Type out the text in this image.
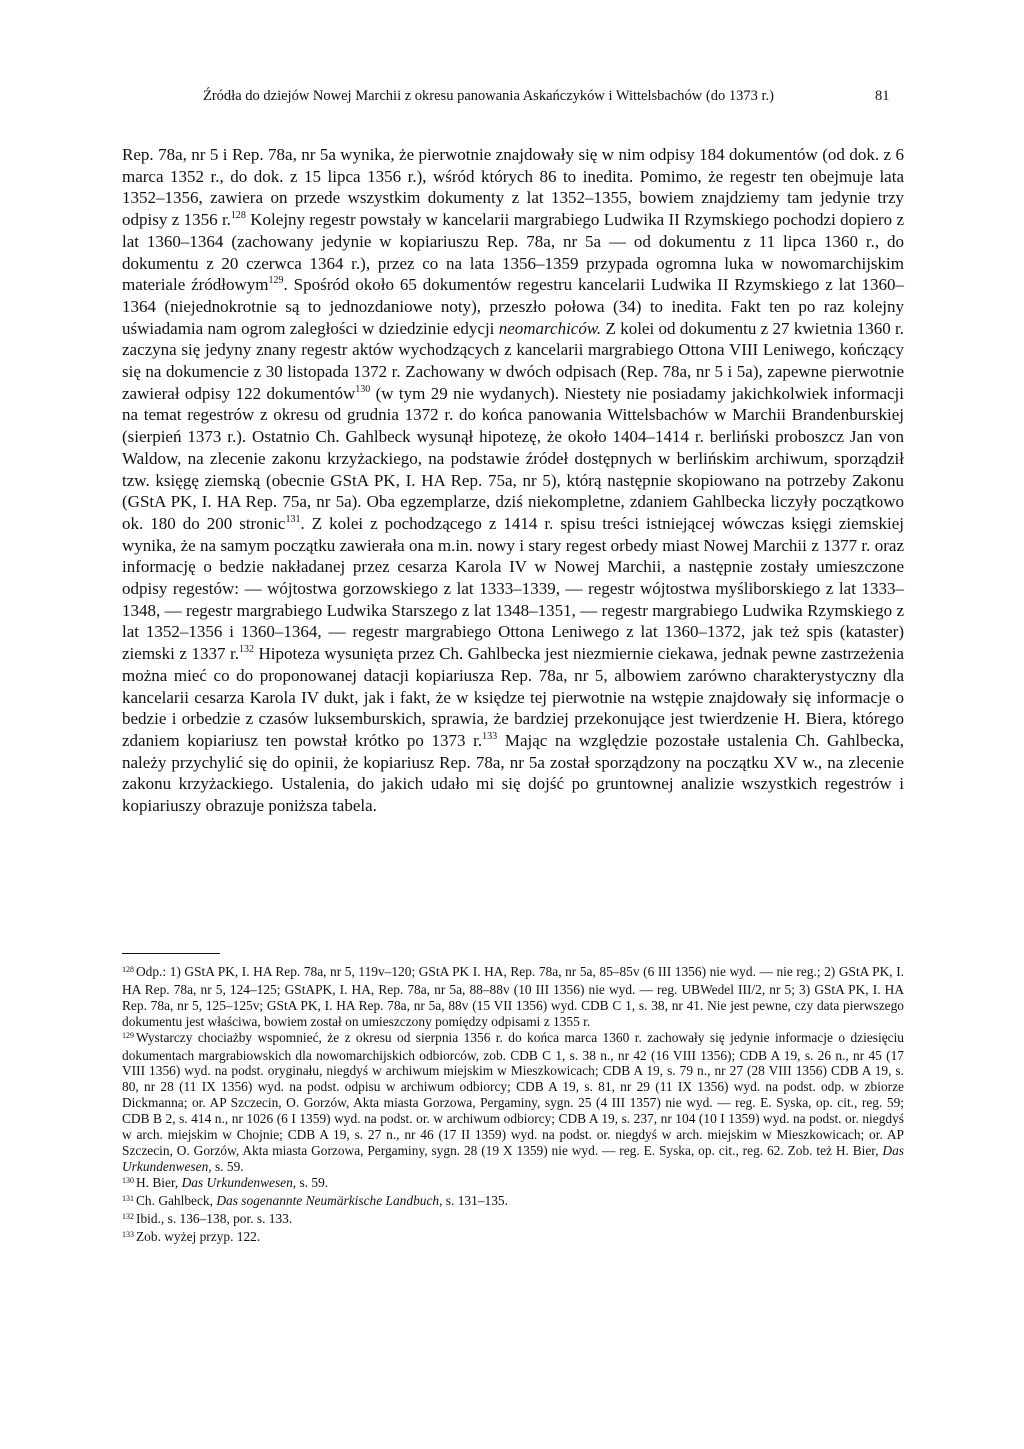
Źródła do dziejów Nowej Marchii z okresu panowania Askańczyków i Wittelsbachów (do 1373 r.)	81

Rep. 78a, nr 5 i Rep. 78a, nr 5a wynika, że pierwotnie znajdowały się w nim odpisy 184 dokumentów (od dok. z 6 marca 1352 r., do dok. z 15 lipca 1356 r.), wśród których 86 to inedita. Pomimo, że regestr ten obejmuje lata 1352–1356, zawiera on przede wszystkim dokumenty z lat 1352–1355, bowiem znajdziemy tam jedynie trzy odpisy z 1356 r.$^{128}$ Kolejny regestr powstały w kancelarii margrabiego Ludwika II Rzymskiego pochodzi dopiero z lat 1360–1364 (zachowany jedynie w kopiariuszu Rep. 78a, nr 5a — od dokumentu z 11 lipca 1360 r., do dokumentu z 20 czerwca 1364 r.), przez co na lata 1356–1359 przypada ogromna luka w nowomarchijskim materiale źródłowym$^{129}$. Spośród około 65 dokumentów regestru kancelarii Ludwika II Rzymskiego z lat 1360–1364 (niejednokrotnie są to jednozdaniowe noty), przeszło połowa (34) to inedita. Fakt ten po raz kolejny uświadamia nam ogrom zaległości w dziedzinie edycji neomarchiców. Z kolei od dokumentu z 27 kwietnia 1360 r. zaczyna się jedyny znany regestr aktów wychodzących z kancelarii margrabiego Ottona VIII Leniwego, kończący się na dokumencie z 30 listopada 1372 r. Zachowany w dwóch odpisach (Rep. 78a, nr 5 i 5a), zapewne pierwotnie zawierał odpisy 122 dokumentów$^{130}$ (w tym 29 nie wydanych). Niestety nie posiadamy jakichkolwiek informacji na temat regestrów z okresu od grudnia 1372 r. do końca panowania Wittelsbachów w Marchii Brandenburskiej (sierpień 1373 r.). Ostatnio Ch. Gahlbeck wysunął hipotezę, że około 1404–1414 r. berliński proboszcz Jan von Waldow, na zlecenie zakonu krzyżackiego, na podstawie źródeł dostępnych w berlińskim archiwum, sporządził tzw. księgę ziemską (obecnie GStA PK, I. HA Rep. 75a, nr 5), którą następnie skopiowano na potrzeby Zakonu (GStA PK, I. HA Rep. 75a, nr 5a). Oba egzemplarze, dziś niekompletne, zdaniem Gahlbecka liczyły początkowo ok. 180 do 200 stronic$^{131}$. Z kolei z pochodzącego z 1414 r. spisu treści istniejącej wówczas księgi ziemskiej wynika, że na samym początku zawierała ona m.in. nowy i stary regest orbedy miast Nowej Marchii z 1377 r. oraz informację o bedzie nakładanej przez cesarza Karola IV w Nowej Marchii, a następnie zostały umieszczone odpisy regestów: — wójtostwa gorzowskiego z lat 1333–1339, — regestr wójtostwa myśliborskiego z lat 1333–1348, — regestr margrabiego Ludwika Starszego z lat 1348–1351, — regestr margrabiego Ludwika Rzymskiego z lat 1352–1356 i 1360–1364, — regestr margrabiego Ottona Leniwego z lat 1360–1372, jak też spis (kataster) ziemski z 1337 r.$^{132}$ Hipoteza wysunięta przez Ch. Gahlbecka jest niezmiernie ciekawa, jednak pewne zastrzeżenia można mieć co do proponowanej datacji kopiariusza Rep. 78a, nr 5, albowiem zarówno charakterystyczny dla kancelarii cesarza Karola IV dukt, jak i fakt, że w księdze tej pierwotnie na wstępie znajdowały się informacje o bedzie i orbedzie z czasów luksemburskich, sprawia, że bardziej przekonujące jest twierdzenie H. Biera, którego zdaniem kopiariusz ten powstał krótko po 1373 r.$^{133}$ Mając na względzie pozostałe ustalenia Ch. Gahlbecka, należy przychylić się do opinii, że kopiariusz Rep. 78a, nr 5a został sporządzony na początku XV w., na zlecenie zakonu krzyżackiego. Ustalenia, do jakich udało mi się dojść po gruntownej analizie wszystkich regestrów i kopiariuszy obrazuje poniższa tabela.

$^{128}$ Odp.: 1) GStA PK, I. HA Rep. 78a, nr 5, 119v–120; GStA PK I. HA, Rep. 78a, nr 5a, 85–85v (6 III 1356) nie wyd. — nie reg.; 2) GStA PK, I. HA Rep. 78a, nr 5, 124–125; GStAPK, I. HA, Rep. 78a, nr 5a, 88–88v (10 III 1356) nie wyd. — reg. UBWedel III/2, nr 5; 3) GStA PK, I. HA Rep. 78a, nr 5, 125–125v; GStA PK, I. HA Rep. 78a, nr 5a, 88v (15 VII 1356) wyd. CDB C 1, s. 38, nr 41. Nie jest pewne, czy data pierwszego dokumentu jest właściwa, bowiem został on umieszczony pomiędzy odpisami z 1355 r.

$^{129}$ Wystarczy chociażby wspomnieć, że z okresu od sierpnia 1356 r. do końca marca 1360 r. zachowały się jedynie informacje o dziesięciu dokumentach margrabiowskich dla nowomarchijskich odbiorców, zob. CDB C 1, s. 38 n., nr 42 (16 VIII 1356); CDB A 19, s. 26 n., nr 45 (17 VIII 1356) wyd. na podst. oryginału, niegdyś w archiwum miejskim w Mieszkowicach; CDB A 19, s. 79 n., nr 27 (28 VIII 1356) CDB A 19, s. 80, nr 28 (11 IX 1356) wyd. na podst. odpisu w archiwum odbiorcy; CDB A 19, s. 81, nr 29 (11 IX 1356) wyd. na podst. odp. w zbiorze Dickmanna; or. AP Szczecin, O. Gorzów, Akta miasta Gorzowa, Pergaminy, sygn. 25 (4 III 1357) nie wyd. — reg. E. Syska, op. cit., reg. 59; CDB B 2, s. 414 n., nr 1026 (6 I 1359) wyd. na podst. or. w archiwum odbiorcy; CDB A 19, s. 237, nr 104 (10 I 1359) wyd. na podst. or. niegdyś w arch. miejskim w Chojnie; CDB A 19, s. 27 n., nr 46 (17 II 1359) wyd. na podst. or. niegdyś w arch. miejskim w Mieszkowicach; or. AP Szczecin, O. Gorzów, Akta miasta Gorzowa, Pergaminy, sygn. 28 (19 X 1359) nie wyd. — reg. E. Syska, op. cit., reg. 62. Zob. też H. Bier, Das Urkundenwesen, s. 59.

$^{130}$ H. Bier, Das Urkundenwesen, s. 59.

$^{131}$ Ch. Gahlbeck, Das sogenannte Neumärkische Landbuch, s. 131–135.

$^{132}$ Ibid., s. 136–138, por. s. 133.

$^{133}$ Zob. wyżej przyp. 122.
